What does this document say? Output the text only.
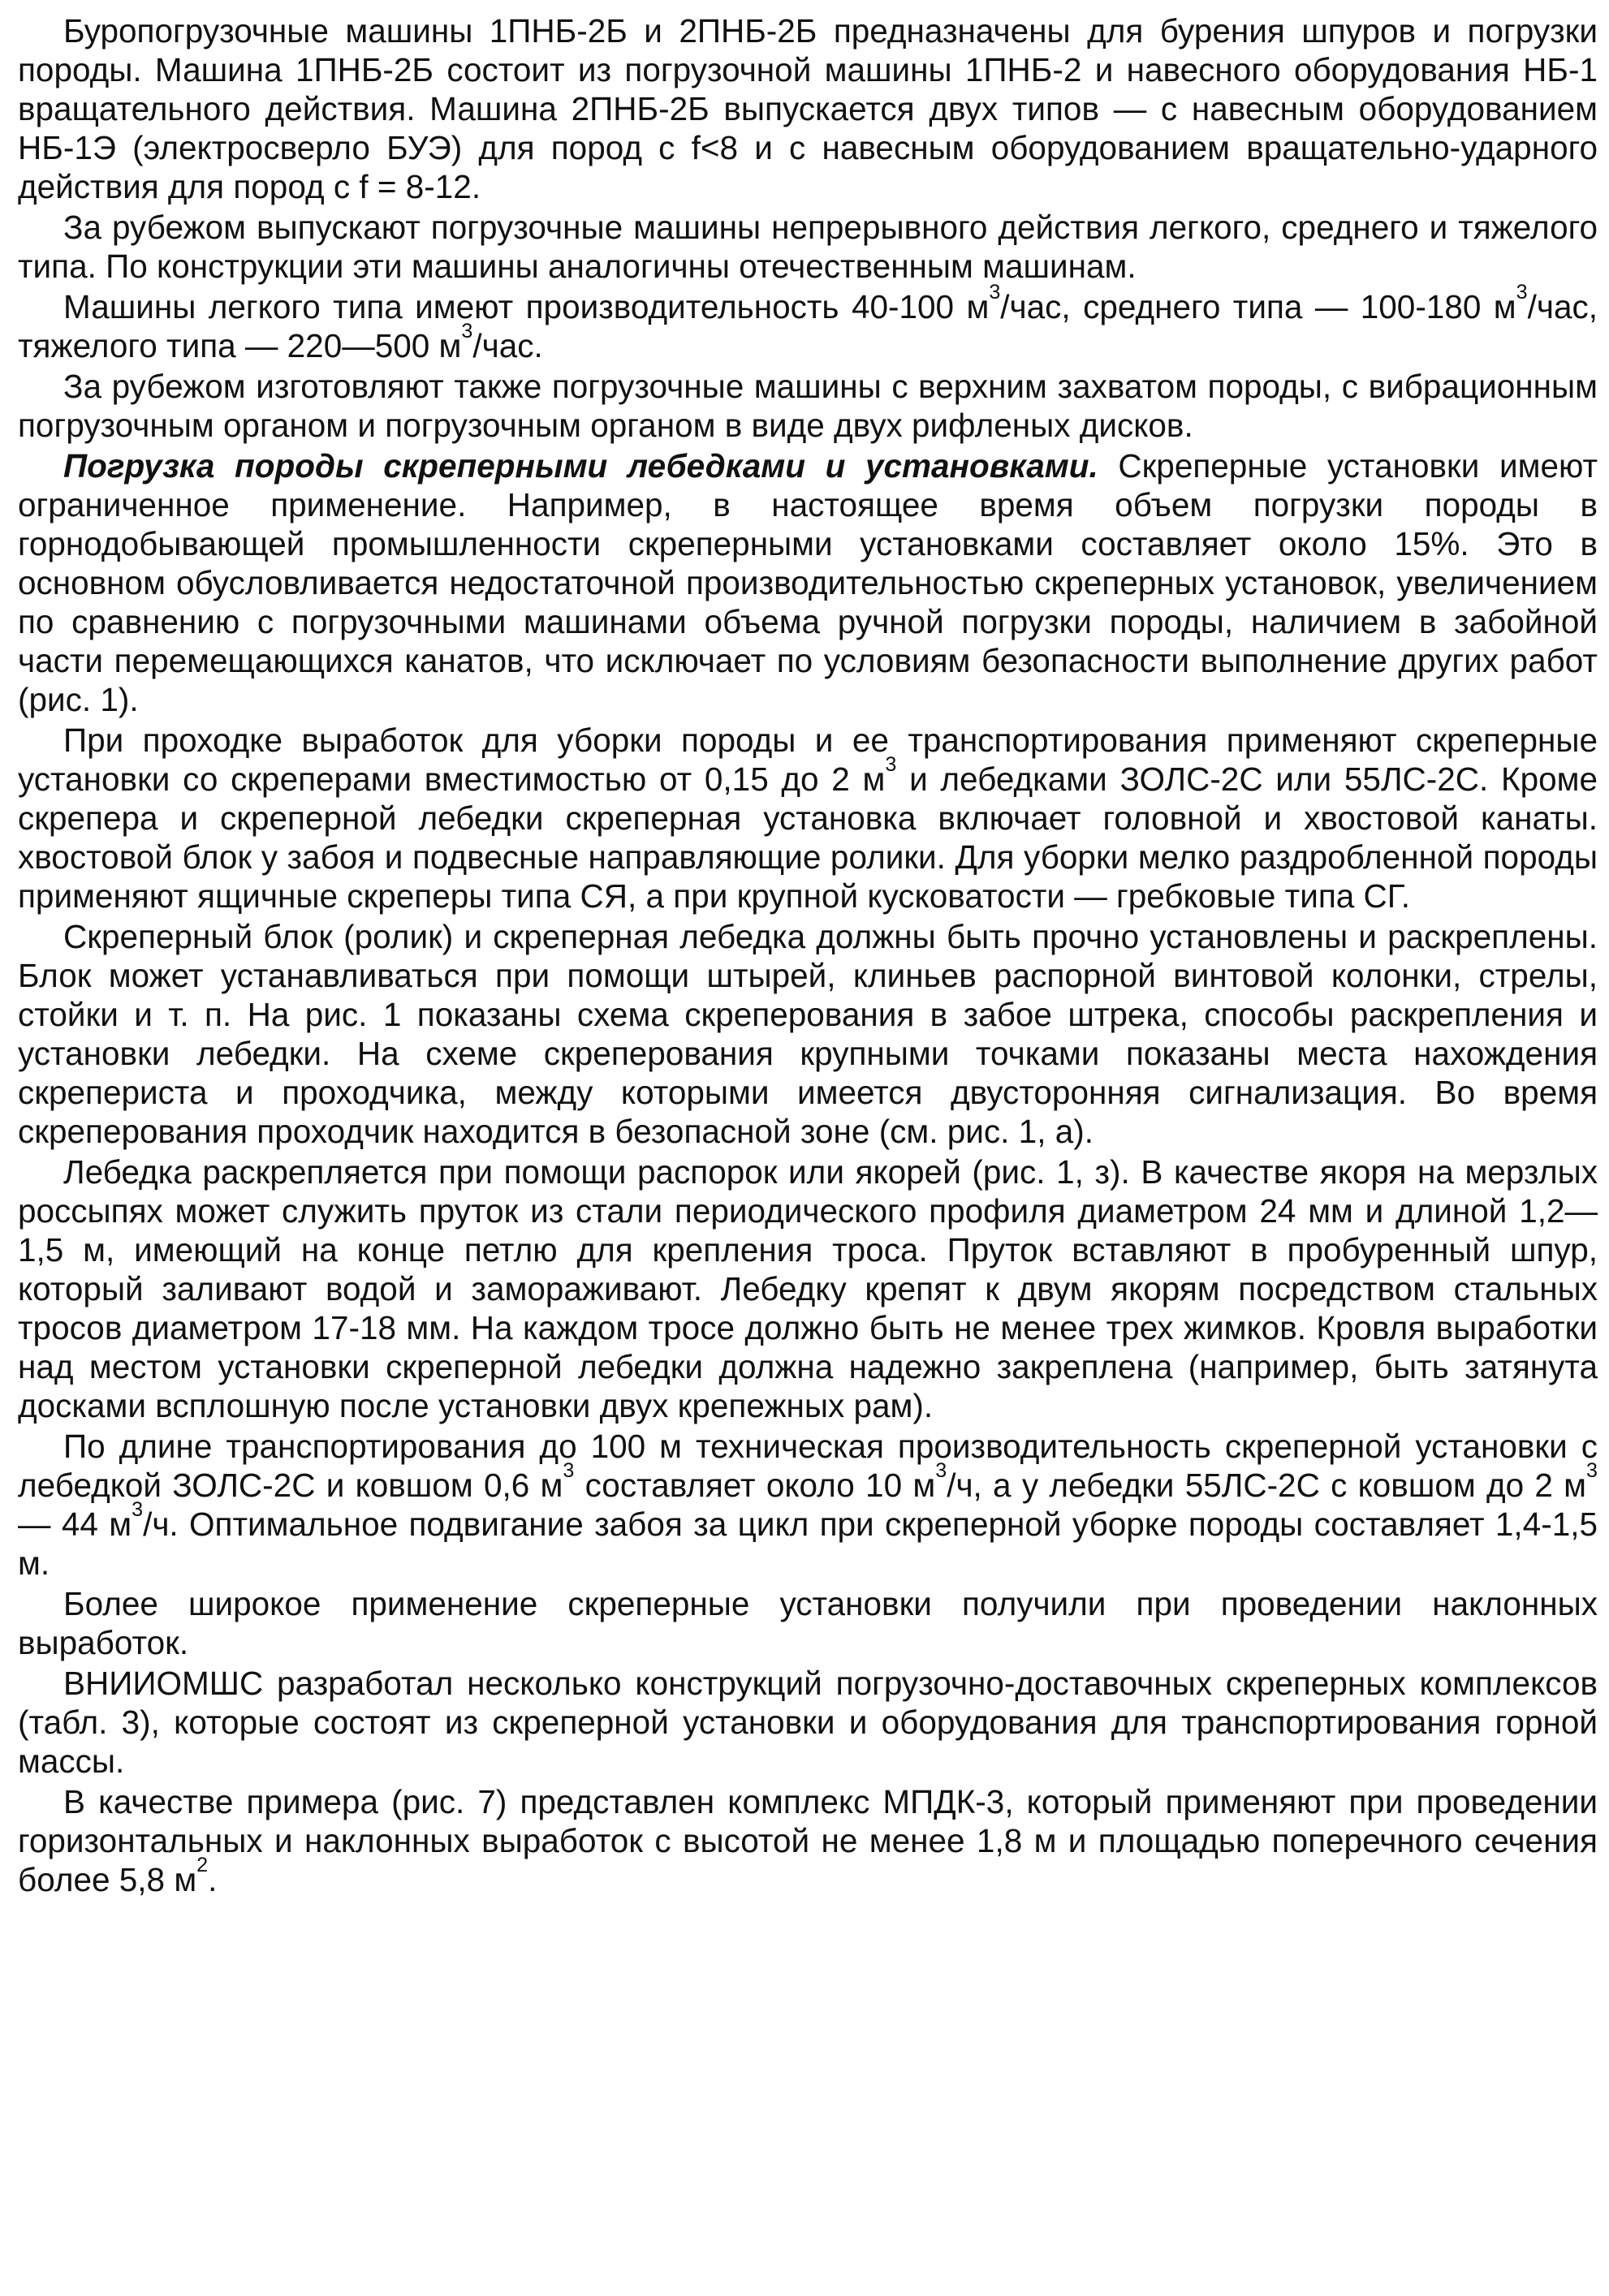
Буропогрузочные машины 1ПНБ-2Б и 2ПНБ-2Б предназначены для бурения шпуров и погрузки породы. Машина 1ПНБ-2Б состоит из погрузочной машины 1ПНБ-2 и навесного оборудования НБ-1 вращательного действия. Машина 2ПНБ-2Б выпускается двух типов — с навесным оборудованием НБ-1Э (электросверло БУЭ) для пород с f<8 и с навесным оборудованием вращательно-ударного действия для пород с f = 8-12.

За рубежом выпускают погрузочные машины непрерывного действия легкого, среднего и тяжелого типа. По конструкции эти машины аналогичны отечественным машинам.

Машины легкого типа имеют производительность 40-100 $м^3$/час, среднего типа — 100-180 $м^3$/час, тяжелого типа — 220—500 $м^3$/час.

За рубежом изготовляют также погрузочные машины с верхним захватом породы, с вибрационным погрузочным органом и погрузочным органом в виде двух рифленых дисков.

Погрузка породы скреперными лебедками и установками. Скреперные установки имеют ограниченное применение. Например, в настоящее время объем погрузки породы в горнодобывающей промышленности скреперными установками составляет около 15%. Это в основном обусловливается недостаточной производительностью скреперных установок, увеличением по сравнению с погрузочными машинами объема ручной погрузки породы, наличием в забойной части перемещающихся канатов, что исключает по условиям безопасности выполнение других работ (рис. 1).

При проходке выработок для уборки породы и ее транспортирования применяют скреперные установки со скреперами вместимостью от 0,15 до 2 $м^3$ и лебедками ЗОЛС-2С или 55ЛС-2С. Кроме скрепера и скреперной лебедки скреперная установка включает головной и хвостовой канаты. хвостовой блок у забоя и подвесные направляющие ролики. Для уборки мелко раздробленной породы применяют ящичные скреперы типа СЯ, а при крупной кусковатости — гребковые типа СГ.

Скреперный блок (ролик) и скреперная лебедка должны быть прочно установлены и раскреплены. Блок может устанавливаться при помощи штырей, клиньев распорной винтовой колонки, стрелы, стойки и т. п. На рис. 1 показаны схема скреперования в забое штрека, способы раскрепления и установки лебедки. На схеме скреперования крупными точками показаны места нахождения скрепериста и проходчика, между которыми имеется двусторонняя сигнализация. Во время скреперования проходчик находится в безопасной зоне (см. рис. 1, а).

Лебедка раскрепляется при помощи распорок или якорей (рис. 1, з). В качестве якоря на мерзлых россыпях может служить пруток из стали периодического профиля диаметром 24 мм и длиной 1,2—1,5 м, имеющий на конце петлю для крепления троса. Пруток вставляют в пробуренный шпур, который заливают водой и замораживают. Лебедку крепят к двум якорям посредством стальных тросов диаметром 17-18 мм. На каждом тросе должно быть не менее трех жимков. Кровля выработки над местом установки скреперной лебедки должна надежно закреплена (например, быть затянута досками всплошную после установки двух крепежных рам).

По длине транспортирования до 100 м техническая производительность скреперной установки с лебедкой ЗОЛС-2С и ковшом 0,6 $м^3$ составляет около 10 $м^3/ч$, а у лебедки 55ЛС-2С с ковшом до 2 $м^3$ — 44 $м^3/ч$. Оптимальное подвигание забоя за цикл при скреперной уборке породы составляет 1,4-1,5 м.

Более широкое применение скреперные установки получили при проведении наклонных выработок.

ВНИИОМШС разработал несколько конструкций погрузочно-доставочных скреперных комплексов (табл. 3), которые состоят из скреперной установки и оборудования для транспортирования горной массы.

В качестве примера (рис. 7) представлен комплекс МПДК-3, который применяют при проведении горизонтальных и наклонных выработок с высотой не менее 1,8 м и площадью поперечного сечения более 5,8 $м^2$.
